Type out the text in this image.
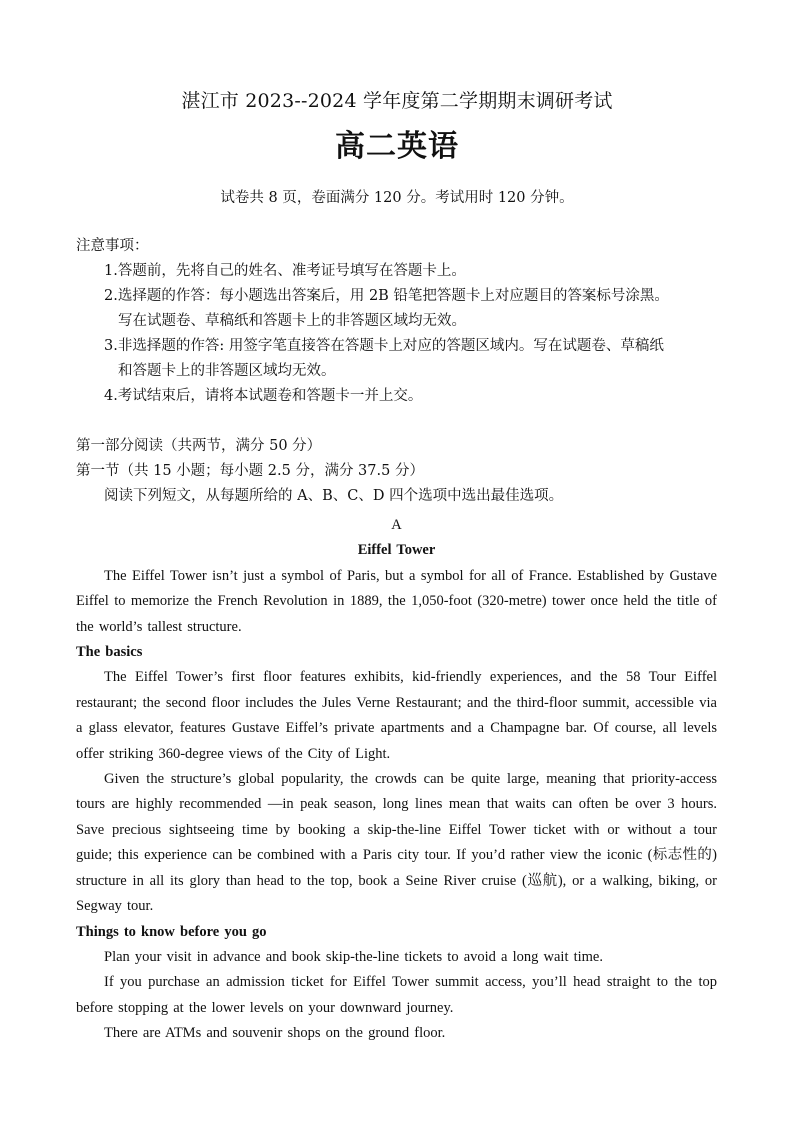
湛江市 2023--2024 学年度第二学期期末调研考试
高二英语
试卷共 8 页，卷面满分 120 分。考试用时 120 分钟。
注意事项：
1.答题前，先将自己的姓名、准考证号填写在答题卡上。
2.选择题的作答：每小题选出答案后，用 2B 铅笔把答题卡上对应题目的答案标号涂黑。
写在试题卷、草稿纸和答题卡上的非答题区域均无效。
3.非选择题的作答: 用签字笔直接答在答题卡上对应的答题区域内。写在试题卷、草稿纸
和答题卡上的非答题区域均无效。
4.考试结束后，请将本试题卷和答题卡一并上交。
第一部分阅读（共两节，满分 50 分）
第一节（共 15 小题；每小题 2.5 分，满分 37.5 分）
阅读下列短文，从每题所给的 A、B、C、D 四个选项中选出最佳选项。

A

Eiffel Tower

The Eiffel Tower isn’t just a symbol of Paris, but a symbol for all of France. Established by Gustave Eiffel to memorize the French Revolution in 1889, the 1,050-foot (320-metre) tower once held the title of the world’s tallest structure.

The basics

The Eiffel Tower’s first floor features exhibits, kid-friendly experiences, and the 58 Tour Eiffel restaurant; the second floor includes the Jules Verne Restaurant; and the third-floor summit, accessible via a glass elevator, features Gustave Eiffel’s private apartments and a Champagne bar. Of course, all levels offer striking 360-degree views of the City of Light.

Given the structure’s global popularity, the crowds can be quite large, meaning that priority-access tours are highly recommended —in peak season, long lines mean that waits can often be over 3 hours. Save precious sightseeing time by booking a skip-the-line Eiffel Tower ticket with or without a tour guide; this experience can be combined with a Paris city tour. If you’d rather view the iconic (标志性的) structure in all its glory than head to the top, book a Seine River cruise (巡航), or a walking, biking, or Segway tour.

Things to know before you go

Plan your visit in advance and book skip-the-line tickets to avoid a long wait time.

If you purchase an admission ticket for Eiffel Tower summit access, you’ll head straight to the top before stopping at the lower levels on your downward journey.

There are ATMs and souvenir shops on the ground floor.
